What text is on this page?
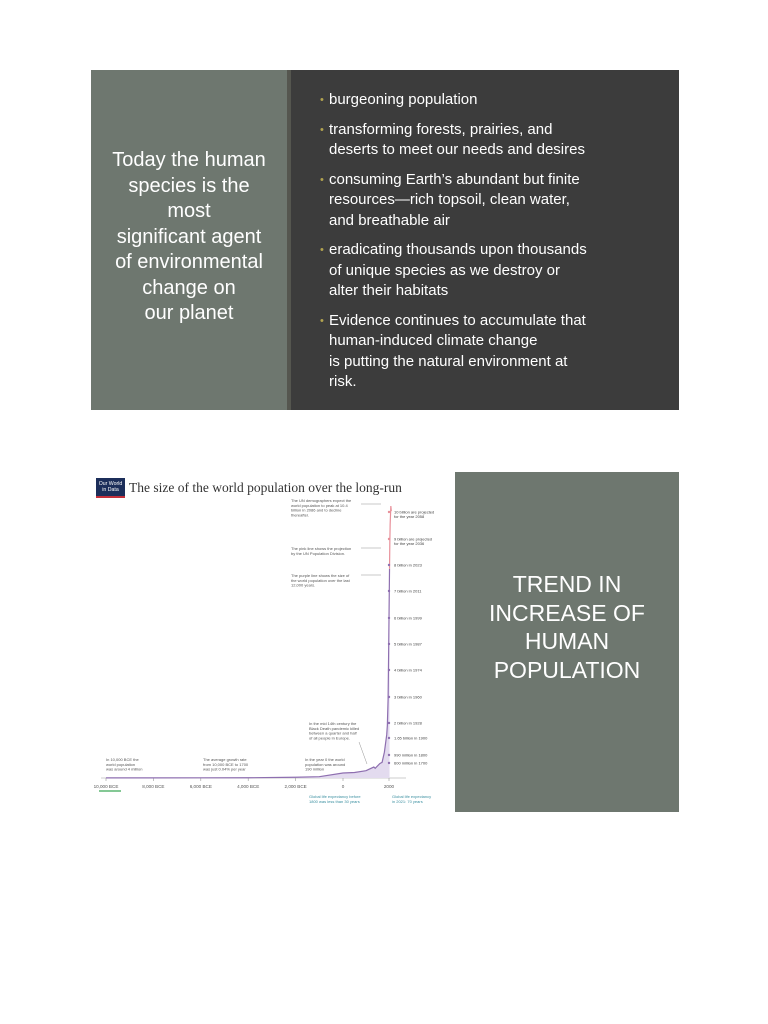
Today the human
species is the
most
significant agent
of environmental
change on
our planet
• burgeoning population
• transforming forests, prairies, and
deserts to meet our needs and desires
• consuming Earth’s abundant but finite
resources—rich topsoil, clean water,
and breathable air
• eradicating thousands upon thousands
of unique species as we destroy or
alter their habitats
• Evidence continues to accumulate that
human-induced climate change
is putting the natural environment at
risk.
Our World in Data The size of the world population over the long-run
10,000 BCE	8,000 BCE	6,000 BCE	4,000 BCE	2,000 BCE	0	2000
10 billion are projected for the year 2058
9 billion are projected for the year 2036
8 billion in 2023
7 billion in 2011
6 billion in 1999
5 billion in 1987
4 billion in 1974
3 billion in 1960
2 billion in 1928
1.65 billion in 1900
990 million in 1800
600 million in 1700
The UN demographers expect the world population to peak at 10.4 billion in 2086 and to decline thereafter.
The pink line shows the projection by the UN Population Division.
The purple line shows the size of the world population over the last 12,000 years.
In the mid 14th century the Black Death pandemic killed between a quarter and half of all people in Europe.
In the year 0 the world population was around 190 million
The average growth rate from 10,000 BCE to 1700 was just 0.04% per year
In 10,000 BCE the world population was around 4 million
Global life expectancy before 1800 was less than 30 years
Global life expectancy in 2021: 70 years
TREND IN
INCREASE OF
HUMAN
POPULATION
